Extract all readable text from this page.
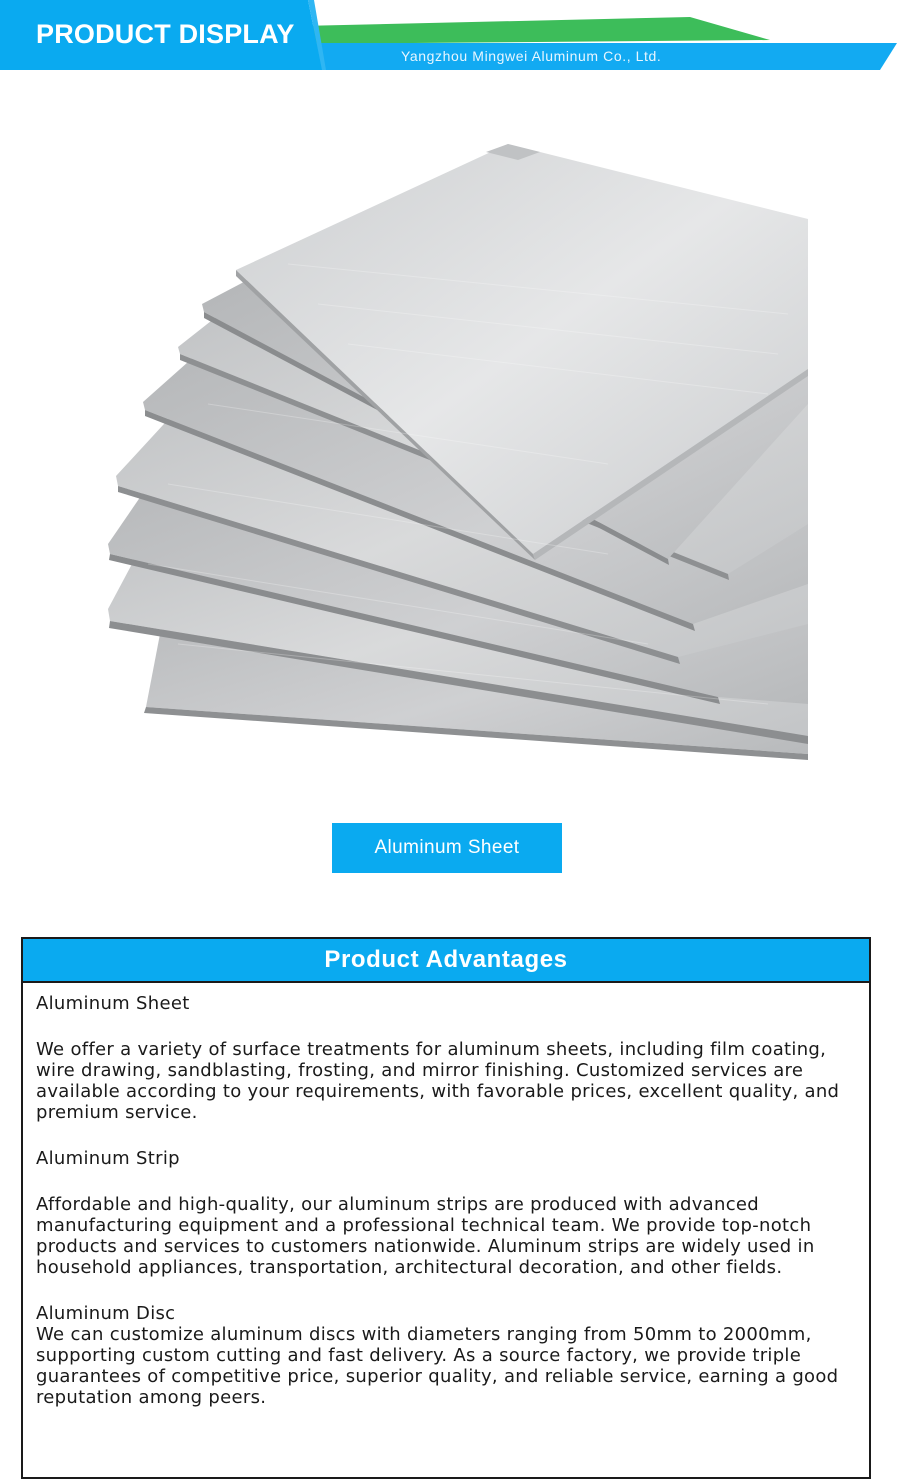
PRODUCT DISPLAY
Yangzhou Mingwei Aluminum Co., Ltd.
Aluminum Sheet
Product Advantages

Aluminum Sheet

We offer a variety of surface treatments for aluminum sheets, including film coating, wire drawing, sandblasting, frosting, and mirror finishing. Customized services are available according to your requirements, with favorable prices, excellent quality, and premium service.

Aluminum Strip

Affordable and high-quality, our aluminum strips are produced with advanced manufacturing equipment and a professional technical team. We provide top-notch products and services to customers nationwide. Aluminum strips are widely used in household appliances, transportation, architectural decoration, and other fields.

Aluminum Disc

We can customize aluminum discs with diameters ranging from 50mm to 2000mm, supporting custom cutting and fast delivery. As a source factory, we provide triple guarantees of competitive price, superior quality, and reliable service, earning a good reputation among peers.
